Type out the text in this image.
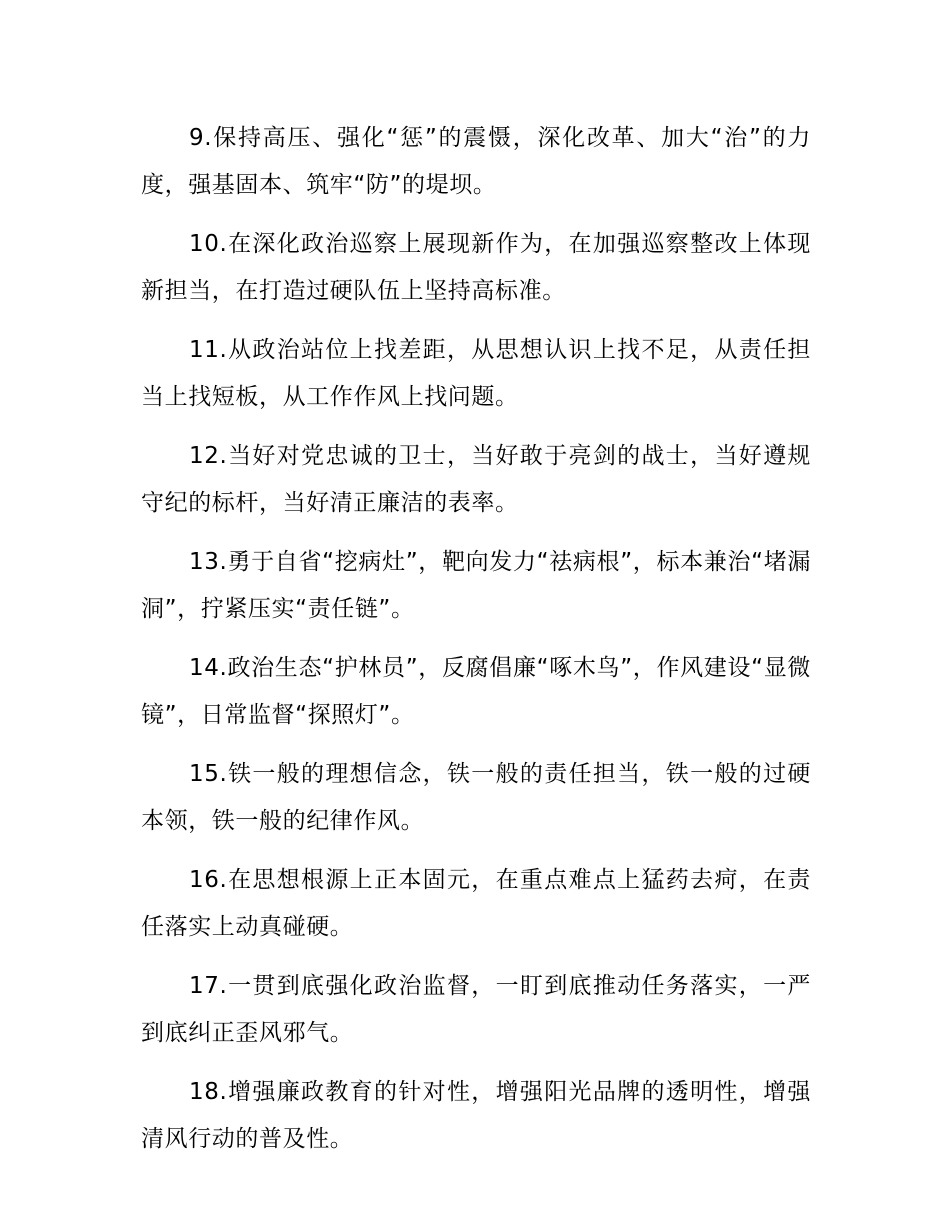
9.保持高压、强化“惩”的震慑，深化改革、加大“治”的力度，强基固本、筑牢“防”的堤坝。

10.在深化政治巡察上展现新作为，在加强巡察整改上体现新担当，在打造过硬队伍上坚持高标准。

11.从政治站位上找差距，从思想认识上找不足，从责任担当上找短板，从工作作风上找问题。

12.当好对党忠诚的卫士，当好敢于亮剑的战士，当好遵规守纪的标杆，当好清正廉洁的表率。

13.勇于自省“挖病灶”，靶向发力“祛病根”，标本兼治“堵漏洞”，拧紧压实“责任链”。

14.政治生态“护林员”，反腐倡廉“啄木鸟”，作风建设“显微镜”，日常监督“探照灯”。

15.铁一般的理想信念，铁一般的责任担当，铁一般的过硬本领，铁一般的纪律作风。

16.在思想根源上正本固元，在重点难点上猛药去疴，在责任落实上动真碰硬。

17.一贯到底强化政治监督，一盯到底推动任务落实，一严到底纠正歪风邪气。

18.增强廉政教育的针对性，增强阳光品牌的透明性，增强清风行动的普及性。
